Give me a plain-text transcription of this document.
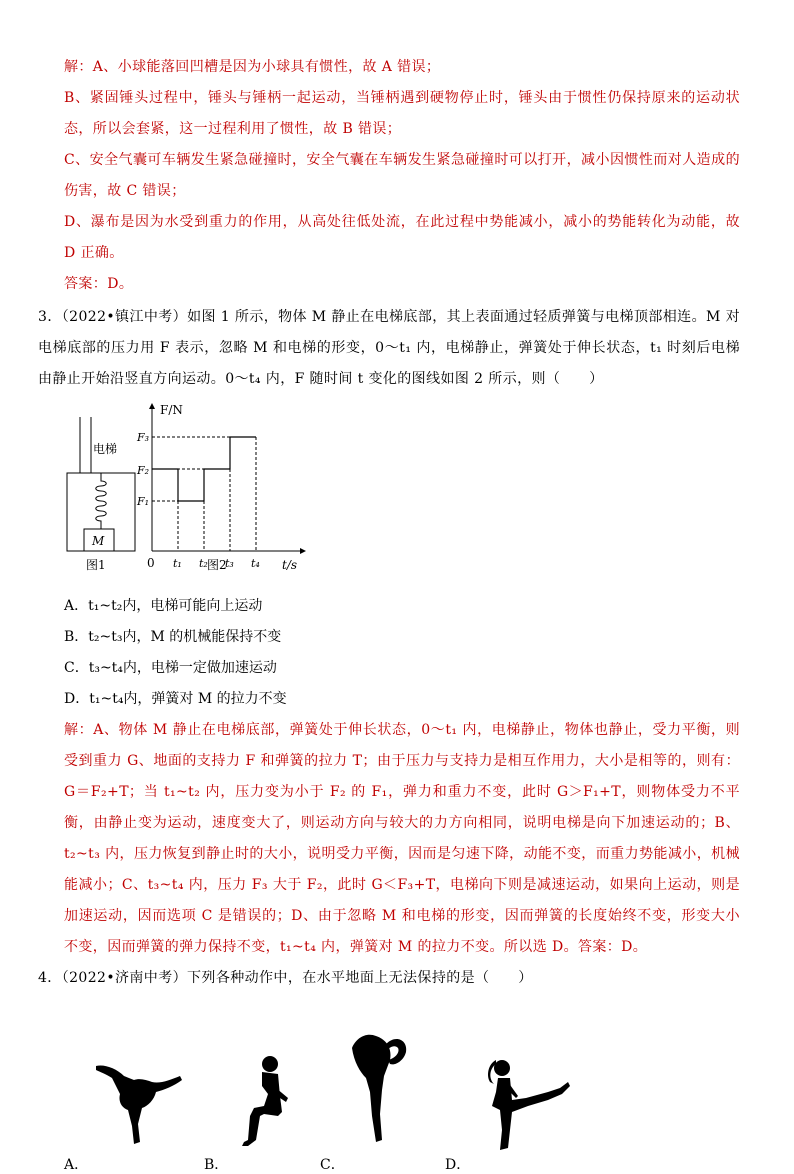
解：A、小球能落回凹槽是因为小球具有惯性，故 A 错误；

B、紧固锤头过程中，锤头与锤柄一起运动，当锤柄遇到硬物停止时，锤头由于惯性仍保持原来的运动状态，所以会套紧，这一过程利用了惯性，故 B 错误；

C、安全气囊可车辆发生紧急碰撞时，安全气囊在车辆发生紧急碰撞时可以打开，减小因惯性而对人造成的伤害，故 C 错误；

D、瀑布是因为水受到重力的作用，从高处往低处流，在此过程中势能减小，减小的势能转化为动能，故 D 正确。

答案：D。

3．（2022•镇江中考）如图 1 所示，物体 M 静止在电梯底部，其上表面通过轻质弹簧与电梯顶部相连。M 对电梯底部的压力用 F 表示，忽略 M 和电梯的形变，0～t₁ 内，电梯静止，弹簧处于伸长状态，t₁ 时刻后电梯由静止开始沿竖直方向运动。0～t₄ 内，F 随时间 t 变化的图线如图 2 所示，则（　　）

电梯
M
图1
F/N
t/s
0
F₃
F₂
F₁
t₁ t₂ t₃ t₄
图2

A．t₁~t₂内，电梯可能向上运动

B．t₂~t₃内，M 的机械能保持不变

C．t₃~t₄内，电梯一定做加速运动

D．t₁~t₄内，弹簧对 M 的拉力不变

解：A、物体 M 静止在电梯底部，弹簧处于伸长状态，0～t₁ 内，电梯静止，物体也静止，受力平衡，则受到重力 G、地面的支持力 F 和弹簧的拉力 T；由于压力与支持力是相互作用力，大小是相等的，则有：G＝F₂+T；当 t₁~t₂ 内，压力变为小于 F₂ 的 F₁，弹力和重力不变，此时 G＞F₁+T，则物体受力不平衡，由静止变为运动，速度变大了，则运动方向与较大的力方向相同，说明电梯是向下加速运动的；B、t₂~t₃ 内，压力恢复到静止时的大小，说明受力平衡，因而是匀速下降，动能不变，而重力势能减小，机械能减小；C、t₃~t₄ 内，压力 F₃ 大于 F₂，此时 G＜F₃+T，电梯向下则是减速运动，如果向上运动，则是加速运动，因而选项 C 是错误的；D、由于忽略 M 和电梯的形变，因而弹簧的长度始终不变，形变大小不变，因而弹簧的弹力保持不变，t₁~t₄ 内，弹簧对 M 的拉力不变。所以选 D。答案：D。

4．（2022•济南中考）下列各种动作中，在水平地面上无法保持的是（　　）

A．	B．	C．	D．
